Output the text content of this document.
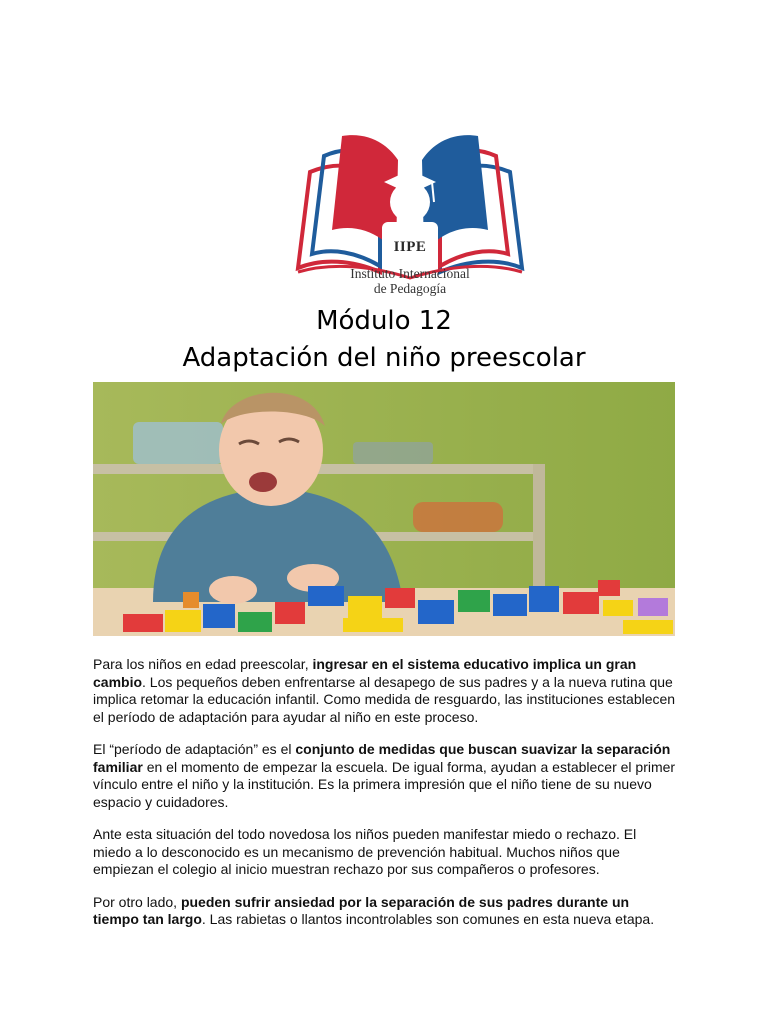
IIPE
Instituto Internacional
de Pedagogía
Módulo 12
Adaptación del niño preescolar

Para los niños en edad preescolar, ingresar en el sistema educativo implica un gran cambio. Los pequeños deben enfrentarse al desapego de sus padres y a la nueva rutina que implica retomar la educación infantil. Como medida de resguardo, las instituciones establecen el período de adaptación para ayudar al niño en este proceso.

El “período de adaptación” es el conjunto de medidas que buscan suavizar la separación familiar en el momento de empezar la escuela. De igual forma, ayudan a establecer el primer vínculo entre el niño y la institución. Es la primera impresión que el niño tiene de su nuevo espacio y cuidadores.

Ante esta situación del todo novedosa los niños pueden manifestar miedo o rechazo. El miedo a lo desconocido es un mecanismo de prevención habitual. Muchos niños que empiezan el colegio al inicio muestran rechazo por sus compañeros o profesores.

Por otro lado, pueden sufrir ansiedad por la separación de sus padres durante un tiempo tan largo. Las rabietas o llantos incontrolables son comunes en esta nueva etapa.
